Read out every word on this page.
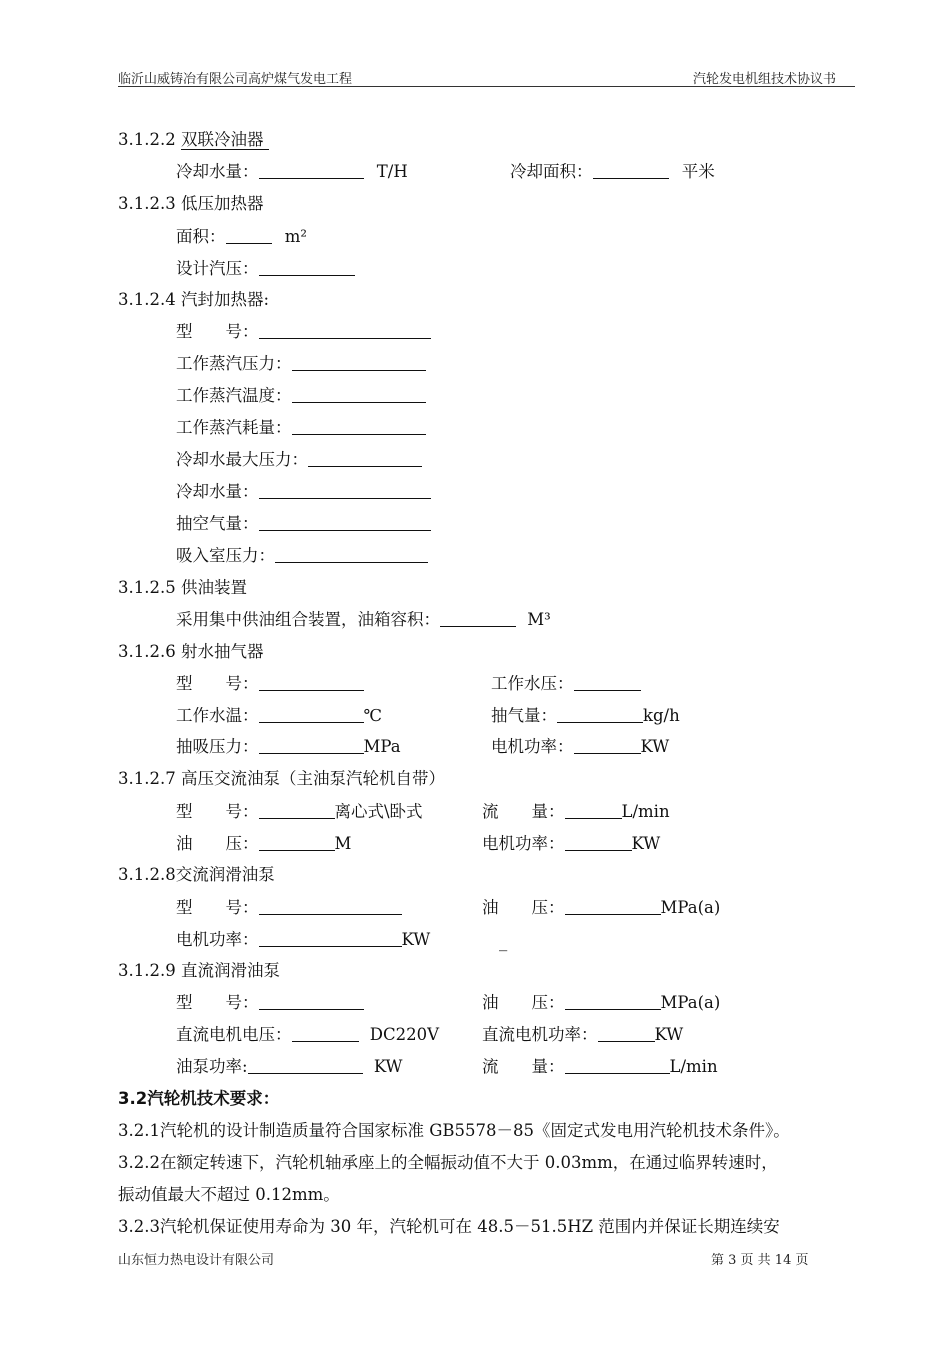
临沂山威铸冶有限公司高炉煤气发电工程	汽轮发电机组技术协议书
3.1.2.2 双联冷油器
冷却水量：	T/H	冷却面积：	平米
3.1.2.3 低压加热器
面积：	m²
设计汽压：
3.1.2.4 汽封加热器:
型　　号：
工作蒸汽压力：
工作蒸汽温度：
工作蒸汽耗量：
冷却水最大压力：
冷却水量：
抽空气量：
吸入室压力：
3.1.2.5 供油装置
采用集中供油组合装置，油箱容积：	M³
3.1.2.6 射水抽气器
型　　号：	工作水压：
工作水温：	℃	抽气量：	kg/h
抽吸压力：	MPa	电机功率：	KW
3.1.2.7 高压交流油泵（主油泵汽轮机自带）
型　　号：	离心式\卧式	流　　量：	L/min
油　　压：	M	电机功率：	KW
3.1.2.8交流润滑油泵
型　　号：	油　　压：	MPa(a)
电机功率：	KW	_
3.1.2.9 直流润滑油泵
型　　号：	油　　压：	MPa(a)
直流电机电压：	DC220V	直流电机功率：	KW
油泵功率:	KW	流　　量：	L/min
3.2汽轮机技术要求：
3.2.1汽轮机的设计制造质量符合国家标准 GB5578－85《固定式发电用汽轮机技术条件》。
3.2.2在额定转速下，汽轮机轴承座上的全幅振动值不大于 0.03mm，在通过临界转速时，
振动值最大不超过 0.12mm。
3.2.3汽轮机保证使用寿命为 30 年，汽轮机可在 48.5－51.5HZ 范围内并保证长期连续安
山东恒力热电设计有限公司	第 3 页 共 14 页
